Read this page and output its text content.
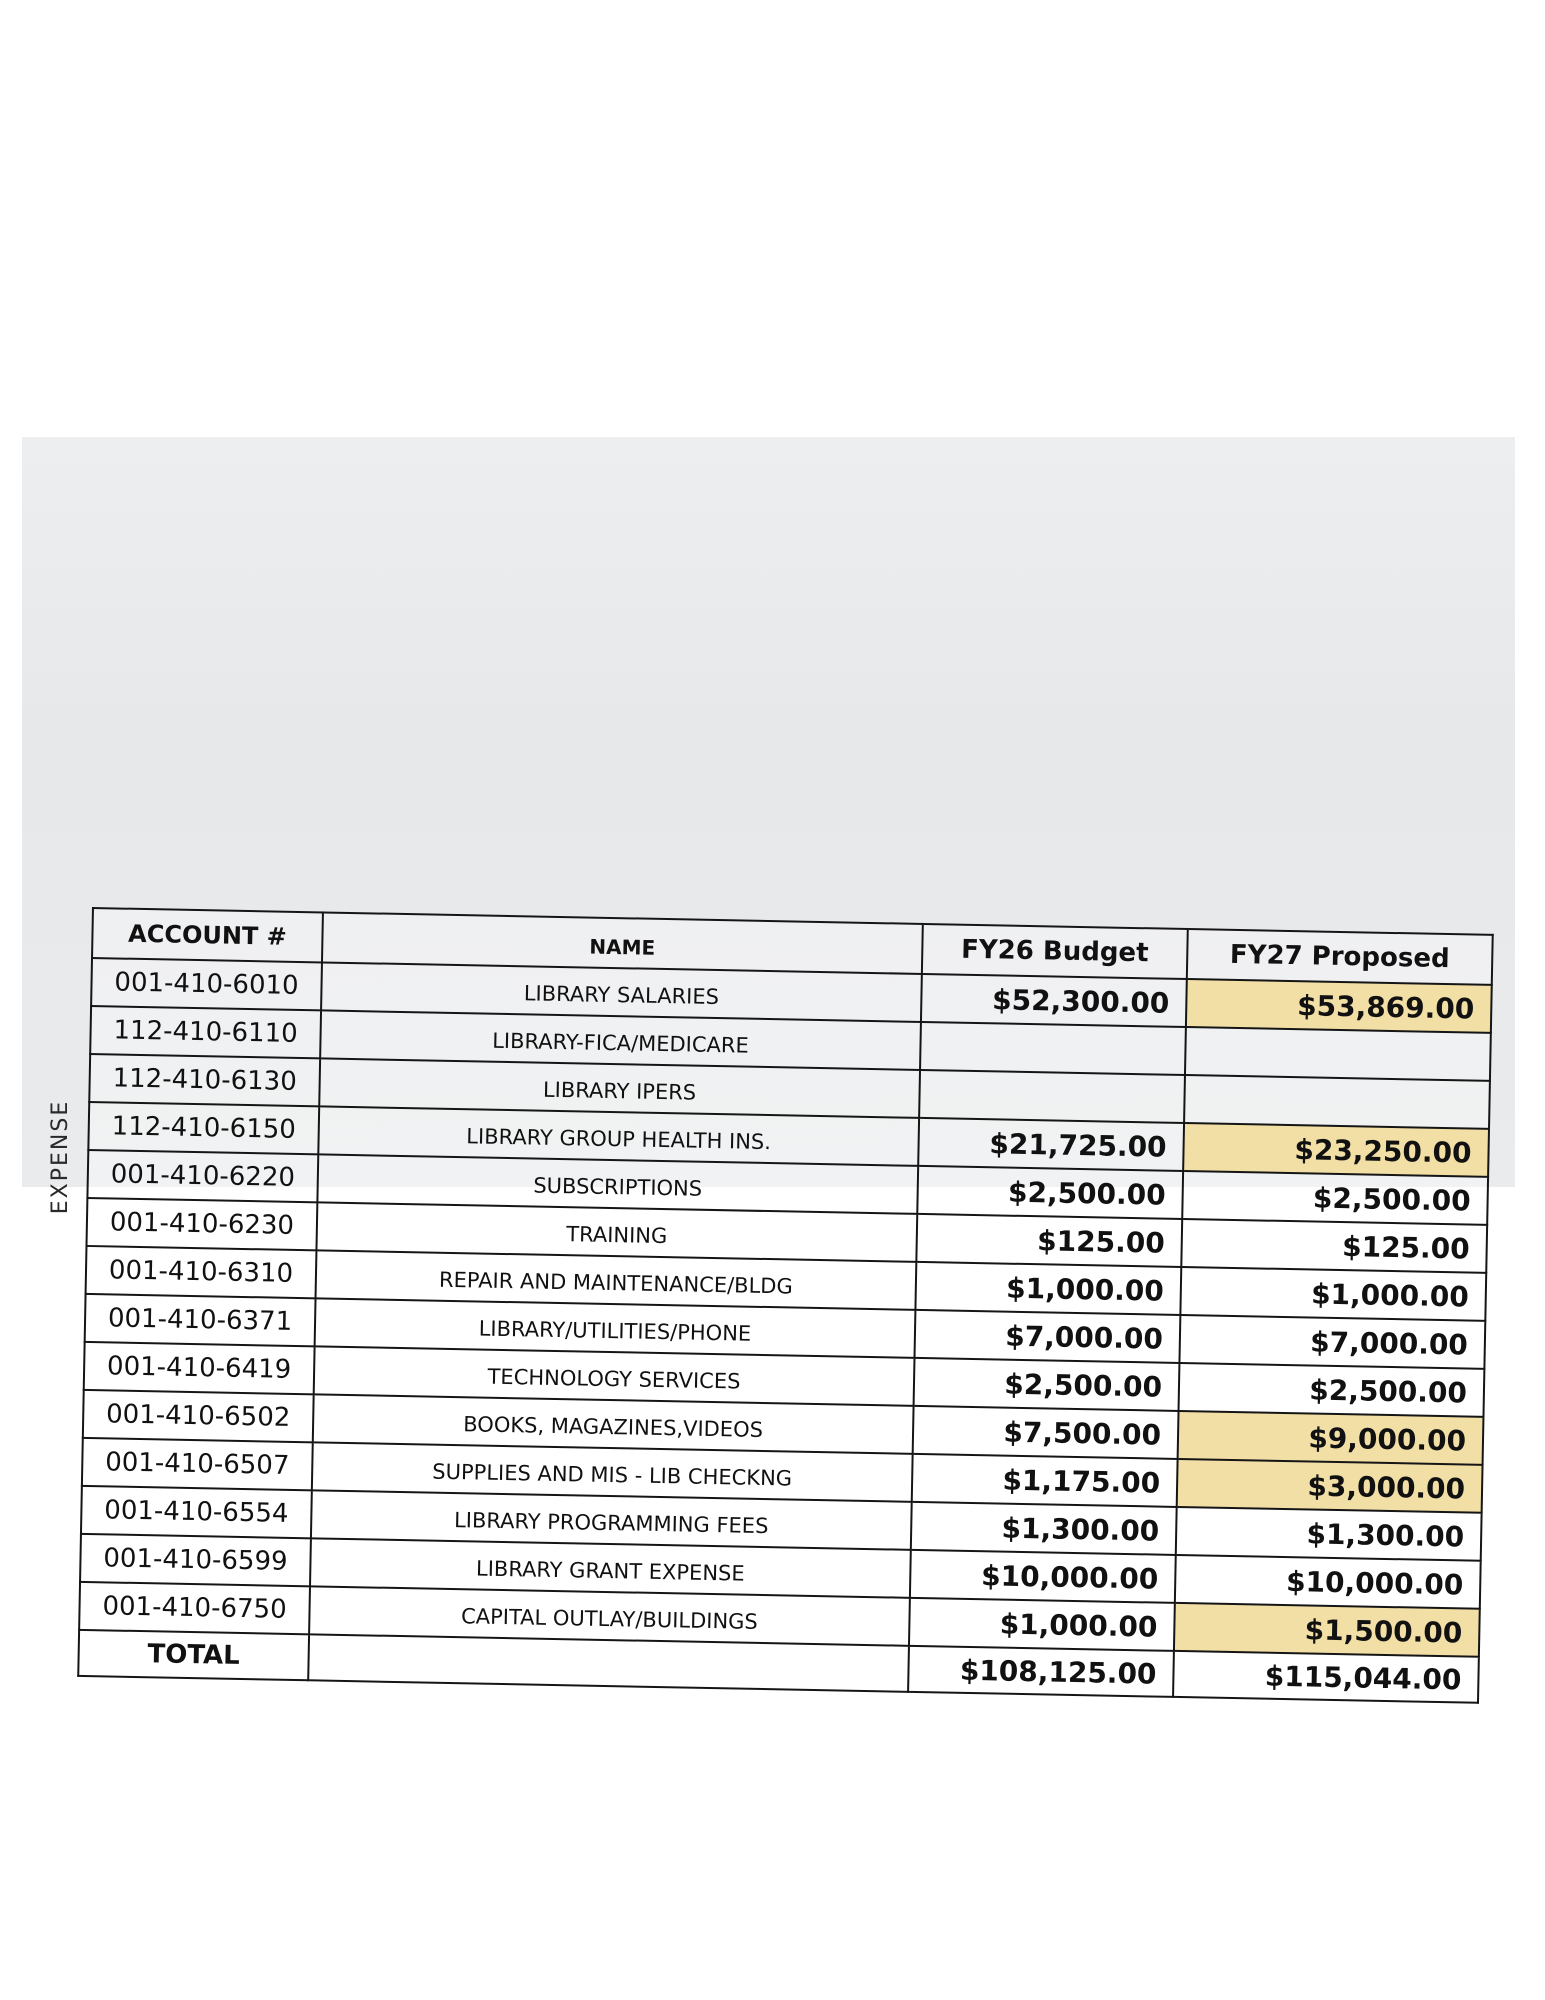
EXPENSE
ACCOUNT #	NAME	FY26 Budget	FY27 Proposed
001-410-6010	LIBRARY SALARIES	$52,300.00	$53,869.00
112-410-6110	LIBRARY-FICA/MEDICARE		
112-410-6130	LIBRARY IPERS		
112-410-6150	LIBRARY GROUP HEALTH INS.	$21,725.00	$23,250.00
001-410-6220	SUBSCRIPTIONS	$2,500.00	$2,500.00
001-410-6230	TRAINING	$125.00	$125.00
001-410-6310	REPAIR AND MAINTENANCE/BLDG	$1,000.00	$1,000.00
001-410-6371	LIBRARY/UTILITIES/PHONE	$7,000.00	$7,000.00
001-410-6419	TECHNOLOGY SERVICES	$2,500.00	$2,500.00
001-410-6502	BOOKS, MAGAZINES,VIDEOS	$7,500.00	$9,000.00
001-410-6507	SUPPLIES AND MIS - LIB CHECKNG	$1,175.00	$3,000.00
001-410-6554	LIBRARY PROGRAMMING FEES	$1,300.00	$1,300.00
001-410-6599	LIBRARY GRANT EXPENSE	$10,000.00	$10,000.00
001-410-6750	CAPITAL OUTLAY/BUILDINGS	$1,000.00	$1,500.00
TOTAL		$108,125.00	$115,044.00
